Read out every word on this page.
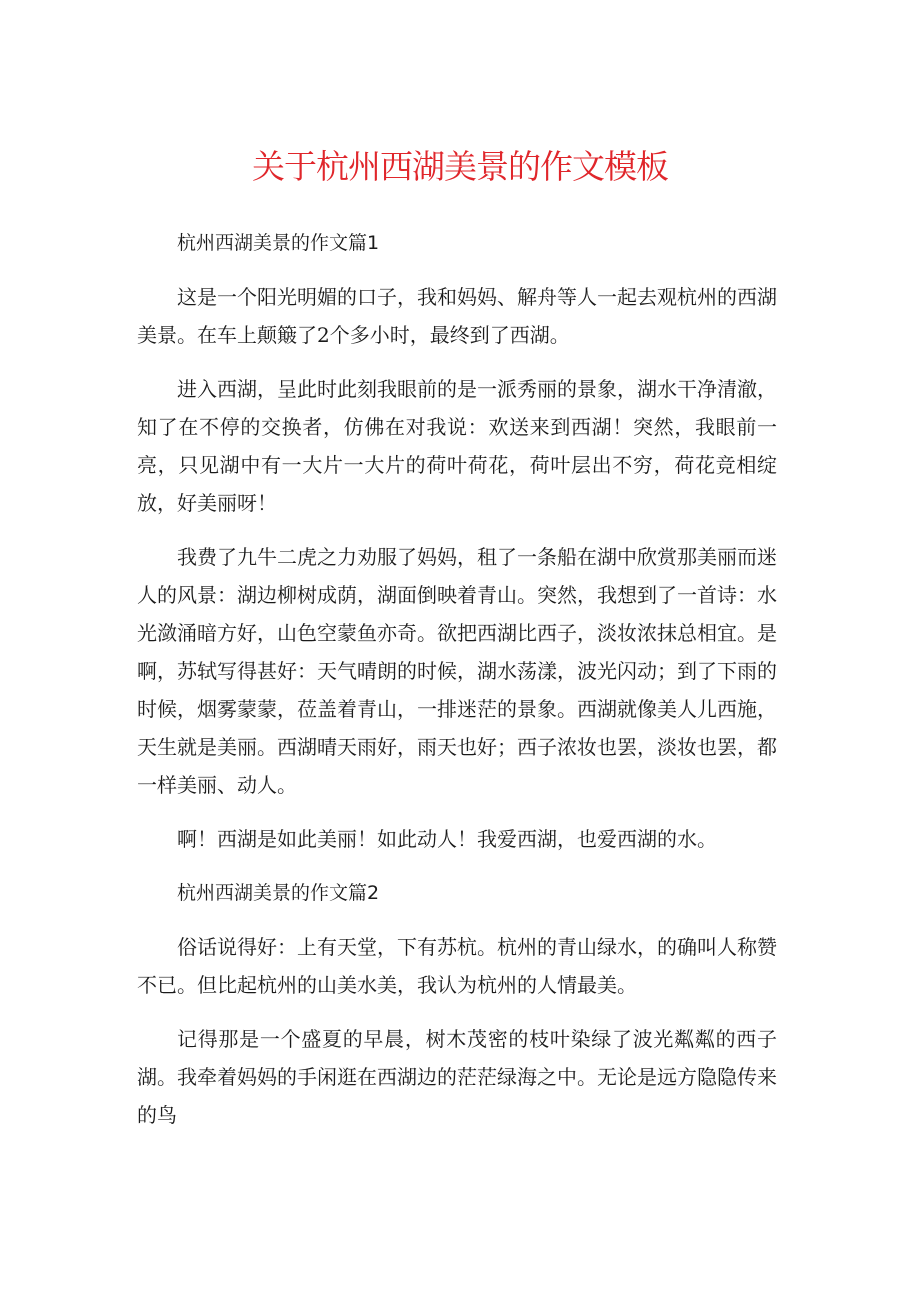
关于杭州西湖美景的作文模板

杭州西湖美景的作文篇1

这是一个阳光明媚的口子，我和妈妈、解舟等人一起去观杭州的西湖美景。在车上颠簸了2个多小时，最终到了西湖。

进入西湖，呈此时此刻我眼前的是一派秀丽的景象，湖水干净清澈，知了在不停的交换者，仿佛在对我说：欢送来到西湖！突然，我眼前一亮，只见湖中有一大片一大片的荷叶荷花，荷叶层出不穷，荷花竞相绽放，好美丽呀！

我费了九牛二虎之力劝服了妈妈，租了一条船在湖中欣赏那美丽而迷人的风景：湖边柳树成荫，湖面倒映着青山。突然，我想到了一首诗：水光潋涌暗方好，山色空蒙鱼亦奇。欲把西湖比西子，淡妆浓抹总相宜。是啊，苏轼写得甚好：天气晴朗的时候，湖水荡漾，波光闪动；到了下雨的时候，烟雾蒙蒙，莅盖着青山，一排迷茫的景象。西湖就像美人儿西施，天生就是美丽。西湖晴天雨好，雨天也好；西子浓妆也罢，淡妆也罢，都一样美丽、动人。

啊！西湖是如此美丽！如此动人！我爱西湖，也爱西湖的水。

杭州西湖美景的作文篇2

俗话说得好：上有天堂，下有苏杭。杭州的青山绿水，的确叫人称赞不已。但比起杭州的山美水美，我认为杭州的人情最美。

记得那是一个盛夏的早晨，树木茂密的枝叶染绿了波光粼粼的西子湖。我牵着妈妈的手闲逛在西湖边的茫茫绿海之中。无论是远方隐隐传来的鸟
